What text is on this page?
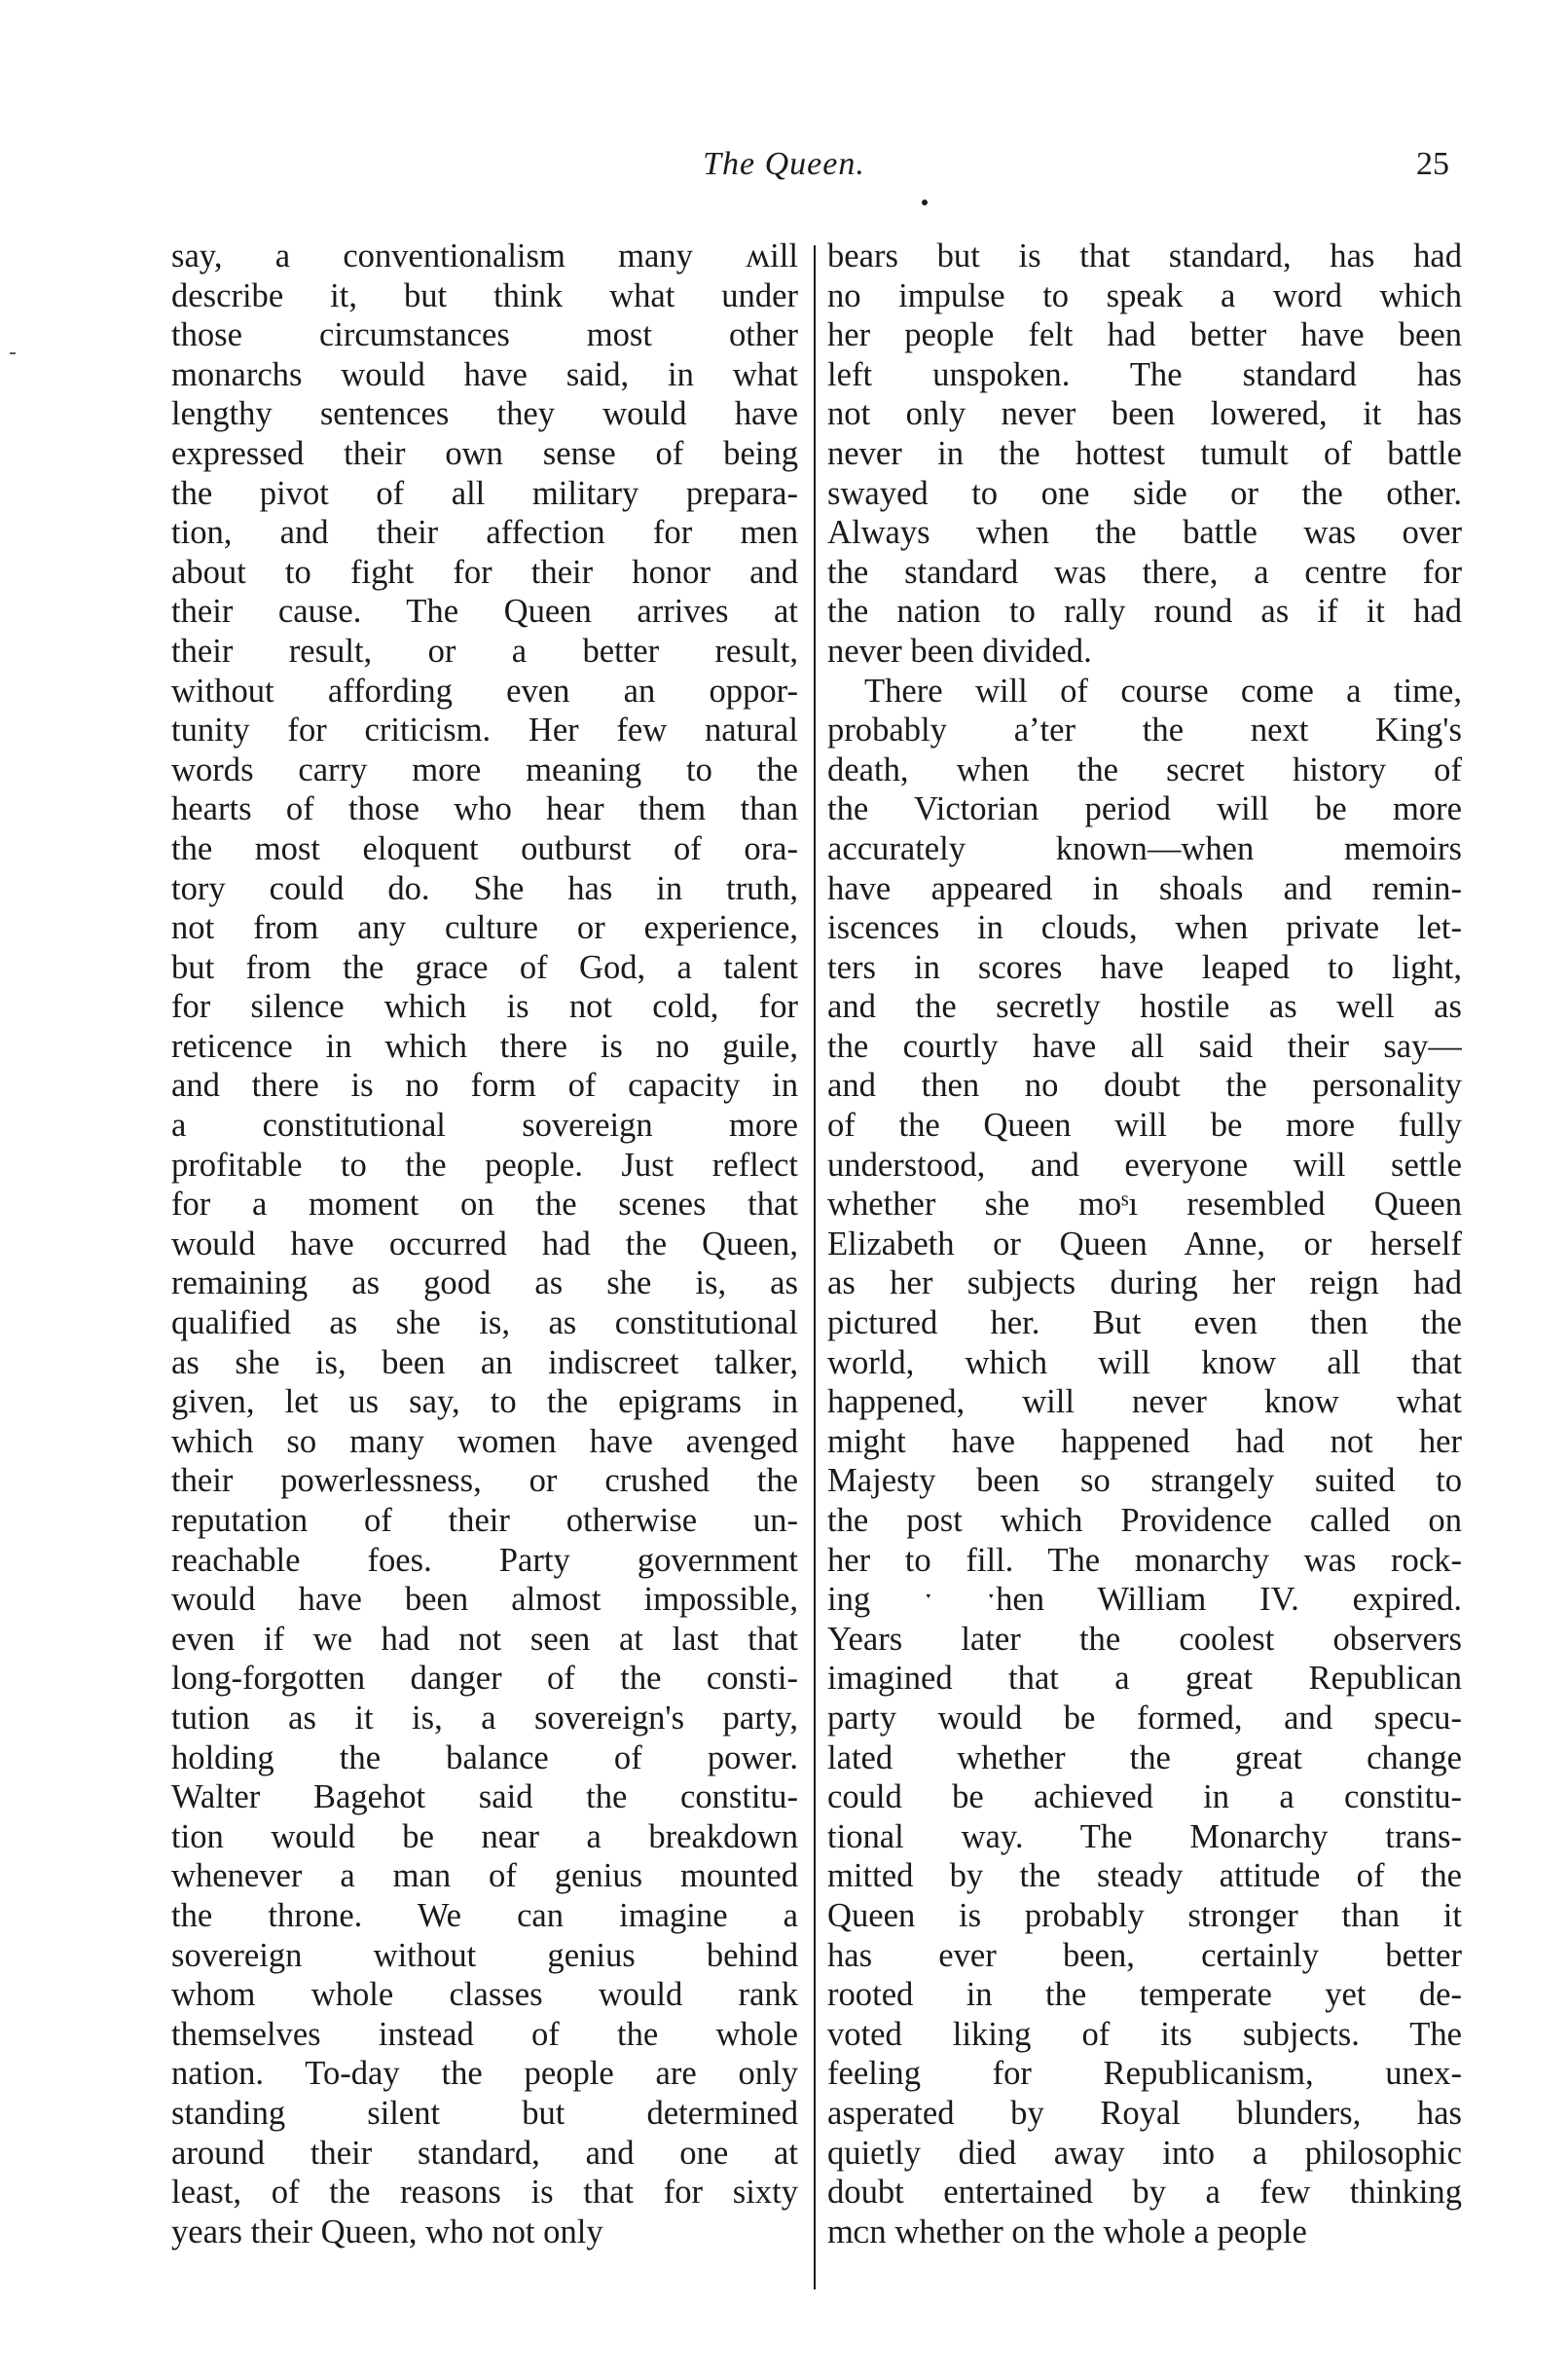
The Queen.	25
say, a conventionalism many ʍill
describe it, but think what under
those circumstances most other
monarchs would have said, in what
lengthy sentences they would have
expressed their own sense of being
the pivot of all military prepara-
tion, and their affection for men
about to fight for their honor and
their cause. The Queen arrives at
their result, or a better result,
without affording even an oppor-
tunity for criticism. Her few natural
words carry more meaning to the
hearts of those who hear them than
the most eloquent outburst of ora-
tory could do. She has in truth,
not from any culture or experience,
but from the grace of God, a talent
for silence which is not cold, for
reticence in which there is no guile,
and there is no form of capacity in
a constitutional sovereign more
profitable to the people. Just reflect
for a moment on the scenes that
would have occurred had the Queen,
remaining as good as she is, as
qualified as she is, as constitutional
as she is, been an indiscreet talker,
given, let us say, to the epigrams in
which so many women have avenged
their powerlessness, or crushed the
reputation of their otherwise un-
reachable foes. Party government
would have been almost impossible,
even if we had not seen at last that
long-forgotten danger of the consti-
tution as it is, a sovereign's party,
holding the balance of power.
Walter Bagehot said the constitu-
tion would be near a breakdown
whenever a man of genius mounted
the throne. We can imagine a
sovereign without genius behind
whom whole classes would rank
themselves instead of the whole
nation. To-day the people are only
standing silent but determined
around their standard, and one at
least, of the reasons is that for sixty
years their Queen, who not only
bears but is that standard, has had
no impulse to speak a word which
her people felt had better have been
left unspoken. The standard has
not only never been lowered, it has
never in the hottest tumult of battle
swayed to one side or the other.
Always when the battle was over
the standard was there, a centre for
the nation to rally round as if it had
never been divided.
There will of course come a time,
probably aʼter the next King's
death, when the secret history of
the Victorian period will be more
accurately known—when memoirs
have appeared in shoals and remin-
iscences in clouds, when private let-
ters in scores have leaped to light,
and the secretly hostile as well as
the courtly have all said their say—
and then no doubt the personality
of the Queen will be more fully
understood, and everyone will settle
whether she moˢı resembled Queen
Elizabeth or Queen Anne, or herself
as her subjects during her reign had
pictured her. But even then the
world, which will know all that
happened, will never know what
might have happened had not her
Majesty been so strangely suited to
the post which Providence called on
her to fill. The monarchy was rock-
ing ˑ ˑhen William IV. expired.
Years later the coolest observers
imagined that a great Republican
party would be formed, and specu-
lated whether the great change
could be achieved in a constitu-
tional way. The Monarchy trans-
mitted by the steady attitude of the
Queen is probably stronger than it
has ever been, certainly better
rooted in the temperate yet de-
voted liking of its subjects. The
feeling for Republicanism, unex-
asperated by Royal blunders, has
quietly died away into a philosophic
doubt entertained by a few thinking
mᴄn whether on the whole a people
